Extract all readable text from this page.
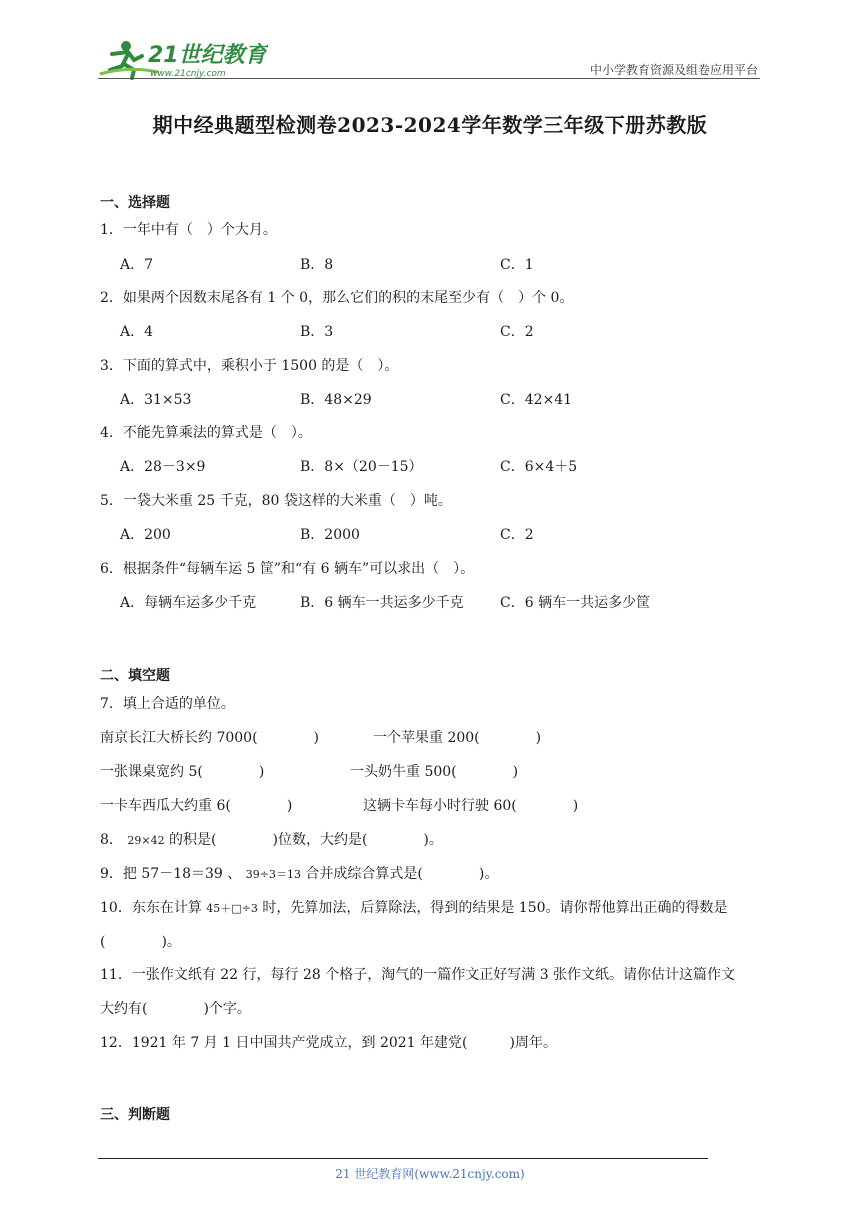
21世纪教育
www.21cnjy.com	中小学教育资源及组卷应用平台
期中经典题型检测卷2023-2024学年数学三年级下册苏教版
一、选择题
1．一年中有（　）个大月。
A．7	B．8	C．1
2．如果两个因数末尾各有 1 个 0，那么它们的积的末尾至少有（　）个 0。
A．4	B．3	C．2
3．下面的算式中，乘积小于 1500 的是（　）。
A．31×53	B．48×29	C．42×41
4．不能先算乘法的算式是（　）。
A．28－3×9	B．8×（20－15）	C．6×4＋5
5．一袋大米重 25 千克，80 袋这样的大米重（　）吨。
A．200	B．2000	C．2
6．根据条件“每辆车运 5 筐”和“有 6 辆车”可以求出（　）。
A．每辆车运多少千克	B．6 辆车一共运多少千克	C．6 辆车一共运多少筐
二、填空题
7．填上合适的单位。
南京长江大桥长约 7000(　　　　)	一个苹果重 200(　　　　)
一张课桌宽约 5(　　　　)	一头奶牛重 500(　　　　)
一卡车西瓜大约重 6(　　　　)	这辆卡车每小时行驶 60(　　　　)
8． 29×42 的积是(　　　　)位数，大约是(　　　　)。
9．把 57－18＝39 、 39÷3＝13 合并成综合算式是(　　　　)。
10．东东在计算 45＋□÷3 时，先算加法，后算除法，得到的结果是 150。请你帮他算出正确的得数是
(　　　　)。
11．一张作文纸有 22 行，每行 28 个格子，淘气的一篇作文正好写满 3 张作文纸。请你估计这篇作文
大约有(　　　　)个字。
12．1921 年 7 月 1 日中国共产党成立，到 2021 年建党(　　　)周年。
三、判断题
21 世纪教育网(www.21cnjy.com)
